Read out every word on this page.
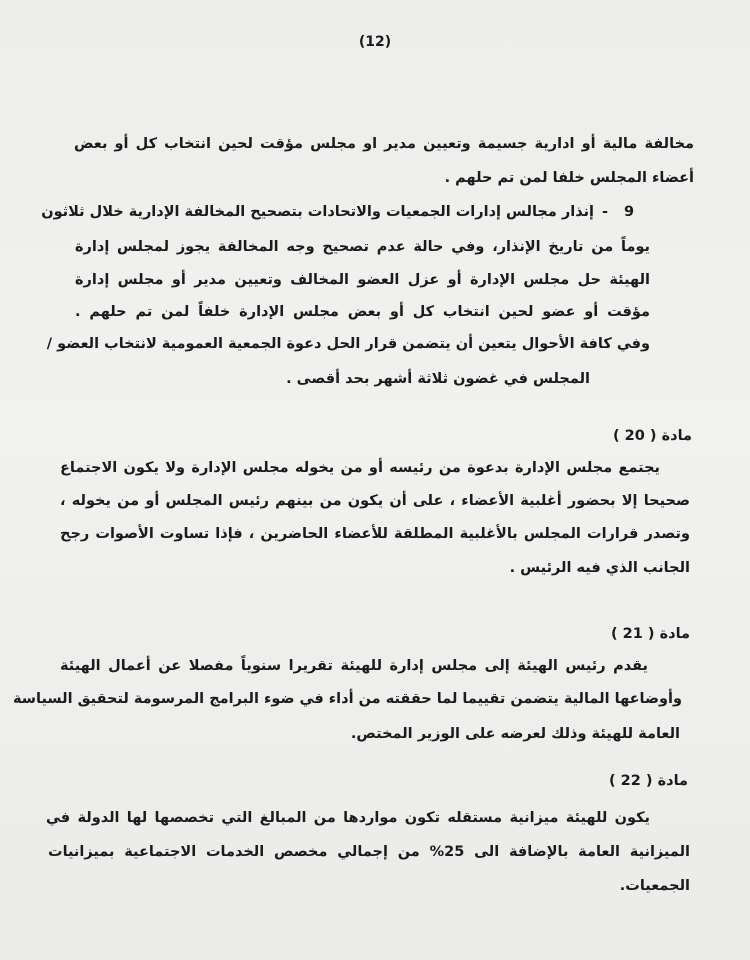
(12)
مخالفة مالية أو ادارية جسيمة وتعيين مدير او مجلس مؤقت لحين انتخاب كل أو بعض
أعضاء المجلس خلفا لمن تم حلهم .
9
-
إنذار مجالس إدارات الجمعيات والاتحادات بتصحيح المخالفة الإدارية خلال ثلاثون
يوماً من تاريخ الإنذار، وفي حالة عدم تصحيح وجه المخالفة يجوز لمجلس إدارة
الهيئة حل مجلس الإدارة أو عزل العضو المخالف وتعيين مدير أو مجلس إدارة
مؤقت أو عضو لحين انتخاب كل أو بعض مجلس الإدارة خلفاً لمن تم حلهم .
وفي كافة الأحوال يتعين أن يتضمن قرار الحل دعوة الجمعية العمومية لانتخاب العضو /
المجلس في غضون ثلاثة أشهر بحد أقصى .
مادة ( 20 )
يجتمع مجلس الإدارة بدعوة من رئيسه أو من يخوله مجلس الإدارة ولا يكون الاجتماع
صحيحا إلا بحضور أغلبية الأعضاء ، على أن يكون من بينهم رئيس المجلس أو من يخوله ،
وتصدر قرارات المجلس بالأغلبية المطلقة للأعضاء الحاضرين ، فإذا تساوت الأصوات رجح
الجانب الذي فيه الرئيس .
مادة ( 21 )
يقدم رئيس الهيئة إلى مجلس إدارة للهيئة تقريرا سنوياً مفصلا عن أعمال الهيئة
وأوضاعها المالية يتضمن تقييما لما حققته من أداء في ضوء البرامج المرسومة لتحقيق السياسة
العامة للهيئة وذلك لعرضه على الوزير المختص.
مادة ( 22 )
يكون للهيئة ميزانية مستقله تكون مواردها من المبالغ التي تخصصها لها الدولة في
الميزانية العامة بالإضافة الى 25% من إجمالي مخصص الخدمات الاجتماعية بميزانيات
الجمعيات.
